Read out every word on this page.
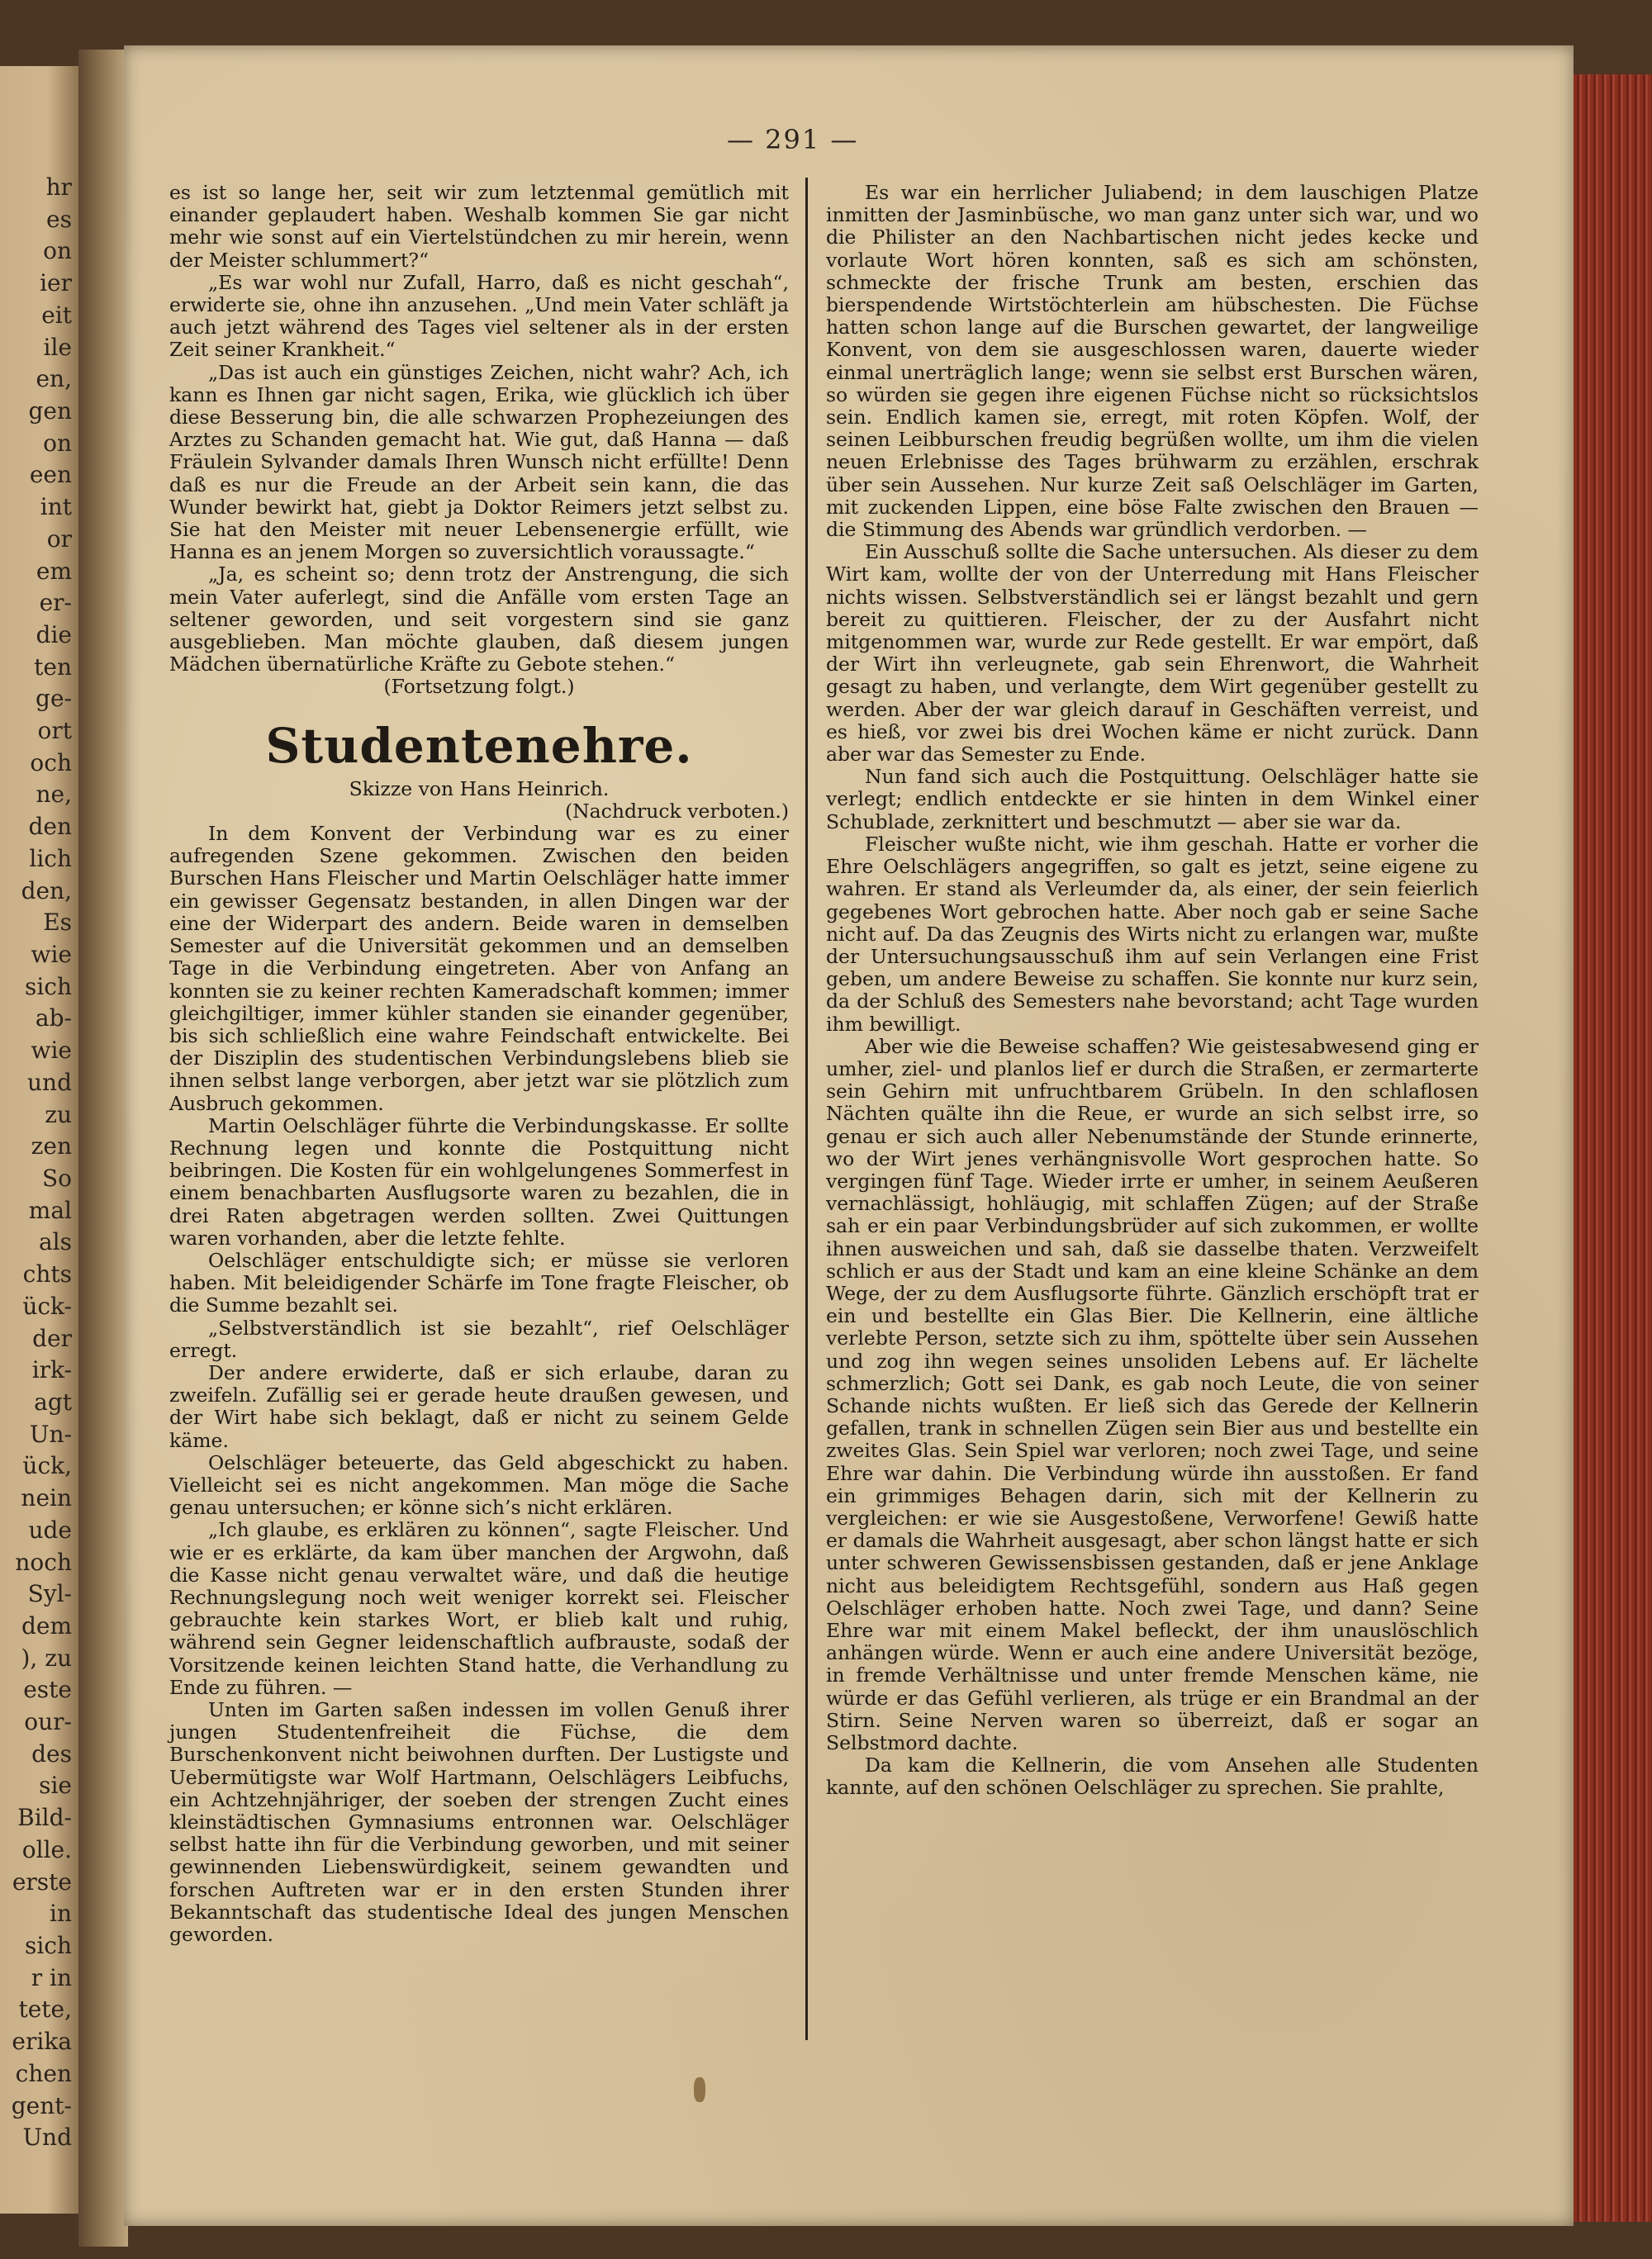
hr
es
on
ier
eit
ile
en,
gen
on
een
int
or
em
er-
die
ten
ge-
ort
och
ne,
den
lich
den,
Es
wie
sich
ab-
wie
und
zu
zen
So
mal
als
chts
ück-
der
irk-
agt
Un-
ück,
nein
ude
noch
Syl-
dem
), zu
este
our-
des
sie
Bild-
olle.
erste
in
sich
r in
tete,
erika
chen
gent-
Und
— 291 —

es ist so lange her, seit wir zum letztenmal gemütlich mit einander geplaudert haben. Weshalb kommen Sie gar nicht mehr wie sonst auf ein Viertelstündchen zu mir herein, wenn der Meister schlummert?“

„Es war wohl nur Zufall, Harro, daß es nicht geschah“, erwiderte sie, ohne ihn anzusehen. „Und mein Vater schläft ja auch jetzt während des Tages viel seltener als in der ersten Zeit seiner Krankheit.“

„Das ist auch ein günstiges Zeichen, nicht wahr? Ach, ich kann es Ihnen gar nicht sagen, Erika, wie glücklich ich über diese Besserung bin, die alle schwarzen Prophezeiungen des Arztes zu Schanden gemacht hat. Wie gut, daß Hanna — daß Fräulein Sylvander damals Ihren Wunsch nicht erfüllte! Denn daß es nur die Freude an der Arbeit sein kann, die das Wunder bewirkt hat, giebt ja Doktor Reimers jetzt selbst zu. Sie hat den Meister mit neuer Lebensenergie erfüllt, wie Hanna es an jenem Morgen so zuversichtlich voraussagte.“

„Ja, es scheint so; denn trotz der Anstrengung, die sich mein Vater auferlegt, sind die Anfälle vom ersten Tage an seltener geworden, und seit vorgestern sind sie ganz ausgeblieben. Man möchte glauben, daß diesem jungen Mädchen übernatürliche Kräfte zu Gebote stehen.“

(Fortsetzung folgt.)

Studentenehre.

Skizze von Hans Heinrich.

(Nachdruck verboten.)

In dem Konvent der Verbindung war es zu einer aufregenden Szene gekommen. Zwischen den beiden Burschen Hans Fleischer und Martin Oelschläger hatte immer ein gewisser Gegensatz bestanden, in allen Dingen war der eine der Widerpart des andern. Beide waren in demselben Semester auf die Universität gekommen und an demselben Tage in die Verbindung eingetreten. Aber von Anfang an konnten sie zu keiner rechten Kameradschaft kommen; immer gleichgiltiger, immer kühler standen sie einander gegenüber, bis sich schließlich eine wahre Feindschaft entwickelte. Bei der Disziplin des studentischen Verbindungslebens blieb sie ihnen selbst lange verborgen, aber jetzt war sie plötzlich zum Ausbruch gekommen.

Martin Oelschläger führte die Verbindungskasse. Er sollte Rechnung legen und konnte die Postquittung nicht beibringen. Die Kosten für ein wohlgelungenes Sommerfest in einem benachbarten Ausflugsorte waren zu bezahlen, die in drei Raten abgetragen werden sollten. Zwei Quittungen waren vorhanden, aber die letzte fehlte.

Oelschläger entschuldigte sich; er müsse sie verloren haben. Mit beleidigender Schärfe im Tone fragte Fleischer, ob die Summe bezahlt sei.

„Selbstverständlich ist sie bezahlt“, rief Oelschläger erregt.

Der andere erwiderte, daß er sich erlaube, daran zu zweifeln. Zufällig sei er gerade heute draußen gewesen, und der Wirt habe sich beklagt, daß er nicht zu seinem Gelde käme.

Oelschläger beteuerte, das Geld abgeschickt zu haben. Vielleicht sei es nicht angekommen. Man möge die Sache genau untersuchen; er könne sich’s nicht erklären.

„Ich glaube, es erklären zu können“, sagte Fleischer. Und wie er es erklärte, da kam über manchen der Argwohn, daß die Kasse nicht genau verwaltet wäre, und daß die heutige Rechnungslegung noch weit weniger korrekt sei. Fleischer gebrauchte kein starkes Wort, er blieb kalt und ruhig, während sein Gegner leidenschaftlich aufbrauste, sodaß der Vorsitzende keinen leichten Stand hatte, die Verhandlung zu Ende zu führen. —

Unten im Garten saßen indessen im vollen Genuß ihrer jungen Studentenfreiheit die Füchse, die dem Burschenkonvent nicht beiwohnen durften. Der Lustigste und Uebermütigste war Wolf Hartmann, Oelschlägers Leibfuchs, ein Achtzehnjähriger, der soeben der strengen Zucht eines kleinstädtischen Gymnasiums entronnen war. Oelschläger selbst hatte ihn für die Verbindung geworben, und mit seiner gewinnenden Liebenswürdigkeit, seinem gewandten und forschen Auftreten war er in den ersten Stunden ihrer Bekanntschaft das studentische Ideal des jungen Menschen geworden.

Es war ein herrlicher Juliabend; in dem lauschigen Platze inmitten der Jasminbüsche, wo man ganz unter sich war, und wo die Philister an den Nachbartischen nicht jedes kecke und vorlaute Wort hören konnten, saß es sich am schönsten, schmeckte der frische Trunk am besten, erschien das bierspendende Wirtstöchterlein am hübschesten. Die Füchse hatten schon lange auf die Burschen gewartet, der langweilige Konvent, von dem sie ausgeschlossen waren, dauerte wieder einmal unerträglich lange; wenn sie selbst erst Burschen wären, so würden sie gegen ihre eigenen Füchse nicht so rücksichtslos sein. Endlich kamen sie, erregt, mit roten Köpfen. Wolf, der seinen Leibburschen freudig begrüßen wollte, um ihm die vielen neuen Erlebnisse des Tages brühwarm zu erzählen, erschrak über sein Aussehen. Nur kurze Zeit saß Oelschläger im Garten, mit zuckenden Lippen, eine böse Falte zwischen den Brauen — die Stimmung des Abends war gründlich verdorben. —

Ein Ausschuß sollte die Sache untersuchen. Als dieser zu dem Wirt kam, wollte der von der Unterredung mit Hans Fleischer nichts wissen. Selbstverständlich sei er längst bezahlt und gern bereit zu quittieren. Fleischer, der zu der Ausfahrt nicht mitgenommen war, wurde zur Rede gestellt. Er war empört, daß der Wirt ihn verleugnete, gab sein Ehrenwort, die Wahrheit gesagt zu haben, und verlangte, dem Wirt gegenüber gestellt zu werden. Aber der war gleich darauf in Geschäften verreist, und es hieß, vor zwei bis drei Wochen käme er nicht zurück. Dann aber war das Semester zu Ende.

Nun fand sich auch die Postquittung. Oelschläger hatte sie verlegt; endlich entdeckte er sie hinten in dem Winkel einer Schublade, zerknittert und beschmutzt — aber sie war da.

Fleischer wußte nicht, wie ihm geschah. Hatte er vorher die Ehre Oelschlägers angegriffen, so galt es jetzt, seine eigene zu wahren. Er stand als Verleumder da, als einer, der sein feierlich gegebenes Wort gebrochen hatte. Aber noch gab er seine Sache nicht auf. Da das Zeugnis des Wirts nicht zu erlangen war, mußte der Untersuchungsausschuß ihm auf sein Verlangen eine Frist geben, um andere Beweise zu schaffen. Sie konnte nur kurz sein, da der Schluß des Semesters nahe bevorstand; acht Tage wurden ihm bewilligt.

Aber wie die Beweise schaffen? Wie geistesabwesend ging er umher, ziel- und planlos lief er durch die Straßen, er zermarterte sein Gehirn mit unfruchtbarem Grübeln. In den schlaflosen Nächten quälte ihn die Reue, er wurde an sich selbst irre, so genau er sich auch aller Nebenumstände der Stunde erinnerte, wo der Wirt jenes verhängnisvolle Wort gesprochen hatte. So vergingen fünf Tage. Wieder irrte er umher, in seinem Aeußeren vernachlässigt, hohläugig, mit schlaffen Zügen; auf der Straße sah er ein paar Verbindungsbrüder auf sich zukommen, er wollte ihnen ausweichen und sah, daß sie dasselbe thaten. Verzweifelt schlich er aus der Stadt und kam an eine kleine Schänke an dem Wege, der zu dem Ausflugsorte führte. Gänzlich erschöpft trat er ein und bestellte ein Glas Bier. Die Kellnerin, eine ältliche verlebte Person, setzte sich zu ihm, spöttelte über sein Aussehen und zog ihn wegen seines unsoliden Lebens auf. Er lächelte schmerzlich; Gott sei Dank, es gab noch Leute, die von seiner Schande nichts wußten. Er ließ sich das Gerede der Kellnerin gefallen, trank in schnellen Zügen sein Bier aus und bestellte ein zweites Glas. Sein Spiel war verloren; noch zwei Tage, und seine Ehre war dahin. Die Verbindung würde ihn ausstoßen. Er fand ein grimmiges Behagen darin, sich mit der Kellnerin zu vergleichen: er wie sie Ausgestoßene, Verworfene! Gewiß hatte er damals die Wahrheit ausgesagt, aber schon längst hatte er sich unter schweren Gewissensbissen gestanden, daß er jene Anklage nicht aus beleidigtem Rechtsgefühl, sondern aus Haß gegen Oelschläger erhoben hatte. Noch zwei Tage, und dann? Seine Ehre war mit einem Makel befleckt, der ihm unauslöschlich anhängen würde. Wenn er auch eine andere Universität bezöge, in fremde Verhältnisse und unter fremde Menschen käme, nie würde er das Gefühl verlieren, als trüge er ein Brandmal an der Stirn. Seine Nerven waren so überreizt, daß er sogar an Selbstmord dachte.

Da kam die Kellnerin, die vom Ansehen alle Studenten kannte, auf den schönen Oelschläger zu sprechen. Sie prahlte,
